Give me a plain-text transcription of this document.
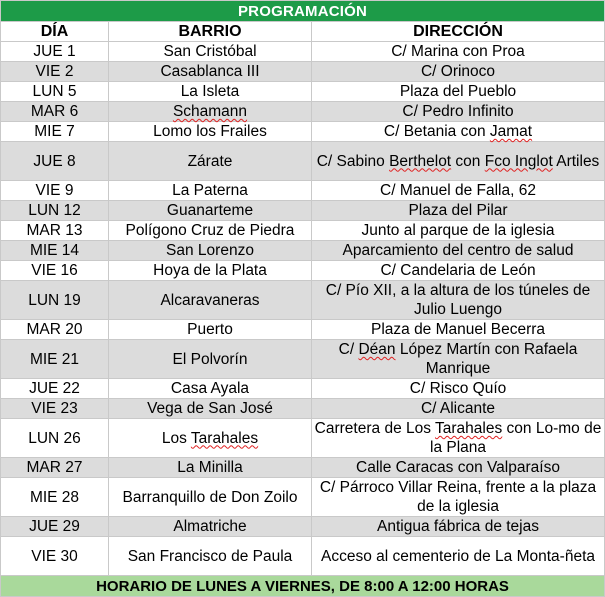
PROGRAMACIÓN		
DÍA	BARRIO	DIRECCIÓN
JUE 1	San Cristóbal	C/ Marina con Proa
VIE 2	Casablanca III	C/ Orinoco
LUN 5	La Isleta	Plaza del Pueblo
MAR 6	Schamann	C/ Pedro Infinito
MIE 7	Lomo los Frailes	C/ Betania con Jamat
JUE 8	Zárate	C/ Sabino Berthelot con Fco Inglot Artiles
VIE 9	La Paterna	C/ Manuel de Falla, 62
LUN 12	Guanarteme	Plaza del Pilar
MAR 13	Polígono Cruz de Piedra	Junto al parque de la iglesia
MIE 14	San Lorenzo	Aparcamiento del centro de salud
VIE 16	Hoya de la Plata	C/ Candelaria de León
LUN 19	Alcaravaneras	C/ Pío XII, a la altura de los túneles de Julio Luengo
MAR 20	Puerto	Plaza de Manuel Becerra
MIE 21	El Polvorín	C/ Déan López Martín con Rafaela Manrique
JUE 22	Casa Ayala	C/ Risco Quío
VIE 23	Vega de San José	C/ Alicante
LUN 26	Los Tarahales	Carretera de Los Tarahales con Lo-mo de la Plana
MAR 27	La Minilla	Calle Caracas con Valparaíso
MIE 28	Barranquillo de Don Zoilo	C/ Párroco Villar Reina, frente a la plaza de la iglesia
JUE 29	Almatriche	Antigua fábrica de tejas
VIE 30	San Francisco de Paula	Acceso al cementerio de La Monta-ñeta
HORARIO DE LUNES A VIERNES, DE 8:00 A 12:00 HORAS		
